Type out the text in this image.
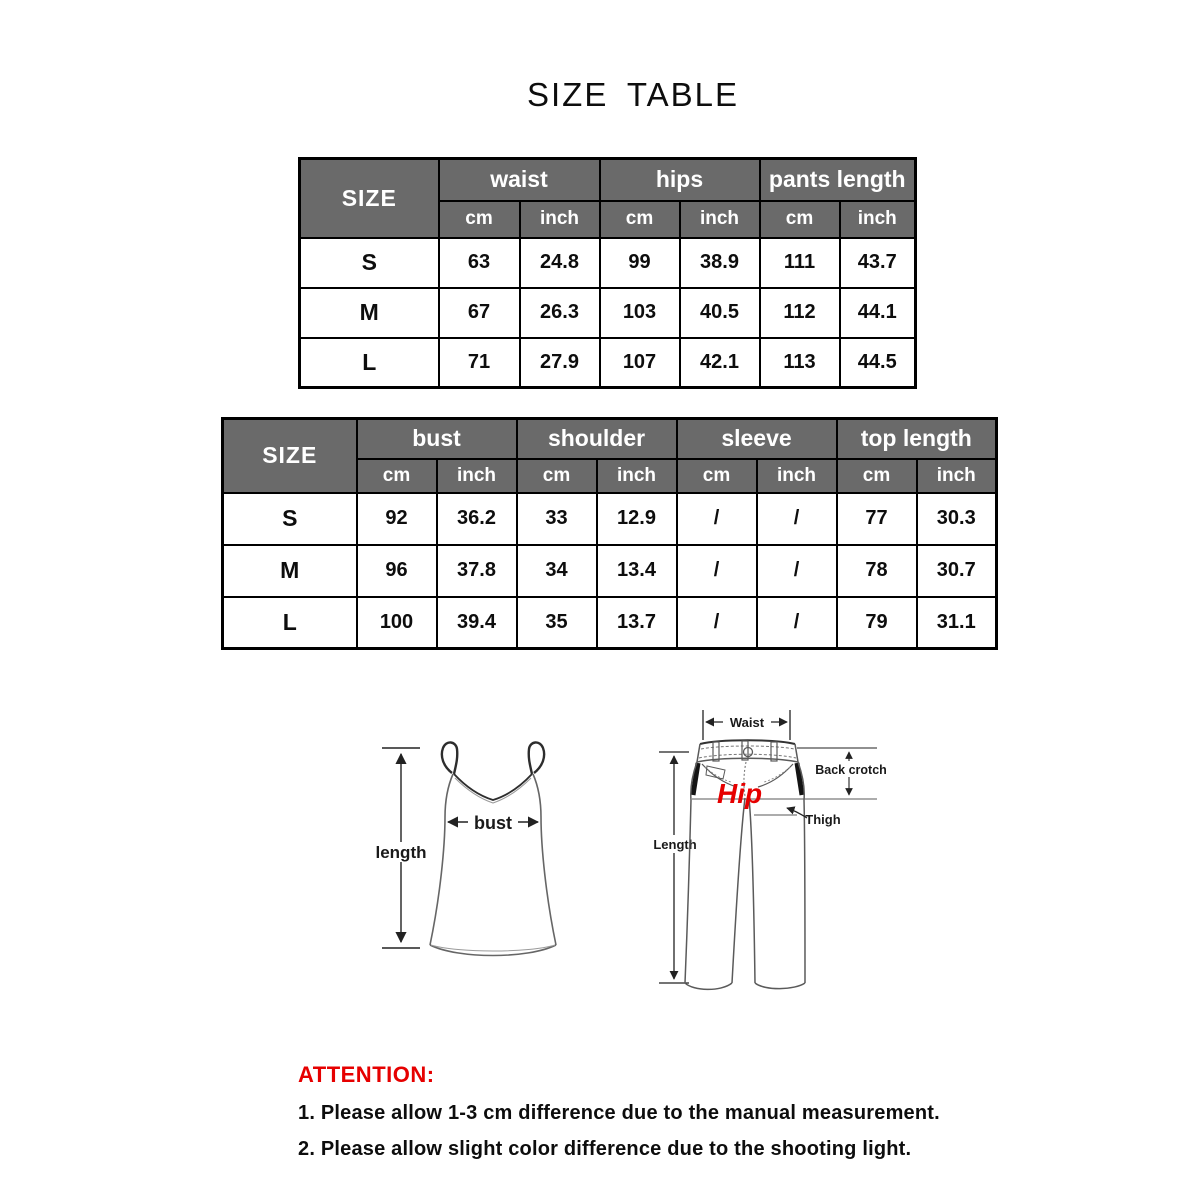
SIZE TABLE
SIZE	waist		hips		pants length	
	cm	inch	cm	inch	cm	inch
S	63	24.8	99	38.9	111	43.7
M	67	26.3	103	40.5	112	44.1
L	71	27.9	107	42.1	113	44.5
SIZE	bust		shoulder		sleeve		top length	
	cm	inch	cm	inch	cm	inch	cm	inch
S	92	36.2	33	12.9	/	/	77	30.3
M	96	37.8	34	13.4	/	/	78	30.7
L	100	39.4	35	13.7	/	/	79	31.1
length
bust
Waist
Back crotch
Length
Hip
Thigh
ATTENTION:
1. Please allow 1-3 cm difference due to the manual measurement.
2. Please allow slight color difference due to the shooting light.
